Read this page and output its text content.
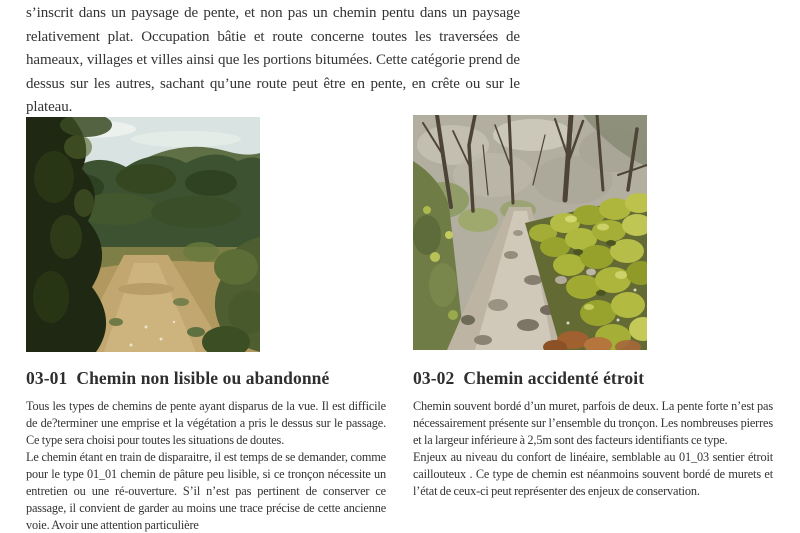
s’inscrit dans un paysage de pente, et non pas un chemin pentu dans un paysage relativement plat. Occupation bâtie et route concerne toutes les traversées de hameaux, villages et villes ainsi que les portions bitumées. Cette catégorie prend de dessus sur les autres, sachant qu’une route peut être en pente, en crête ou sur le plateau.

03-01 Chemin non lisible ou abandonné

Tous les types de chemins de pente ayant disparus de la vue. Il est difficile de de?terminer une emprise et la végétation a pris le dessus sur le passage. Ce type sera choisi pour toutes les situations de doutes.

Le chemin étant en train de disparaitre, il est temps de se demander, comme pour le type 01_01 chemin de pâture peu lisible, si ce tronçon nécessite un entretien ou une ré-ouverture. S’il n’est pas pertinent de conserver ce passage, il convient de garder au moins une trace précise de cette ancienne voie. Avoir une attention particulière

03-02 Chemin accidenté étroit

Chemin souvent bordé d’un muret, parfois de deux. La pente forte n’est pas nécessairement présente sur l’ensemble du tronçon. Les nombreuses pierres et la largeur inférieure à 2,5m sont des facteurs identifiants ce type.

Enjeux au niveau du confort de linéaire, semblable au 01_03 sentier étroit caillouteux . Ce type de chemin est néanmoins souvent bordé de murets et l’état de ceux-ci peut représenter des enjeux de conservation.
